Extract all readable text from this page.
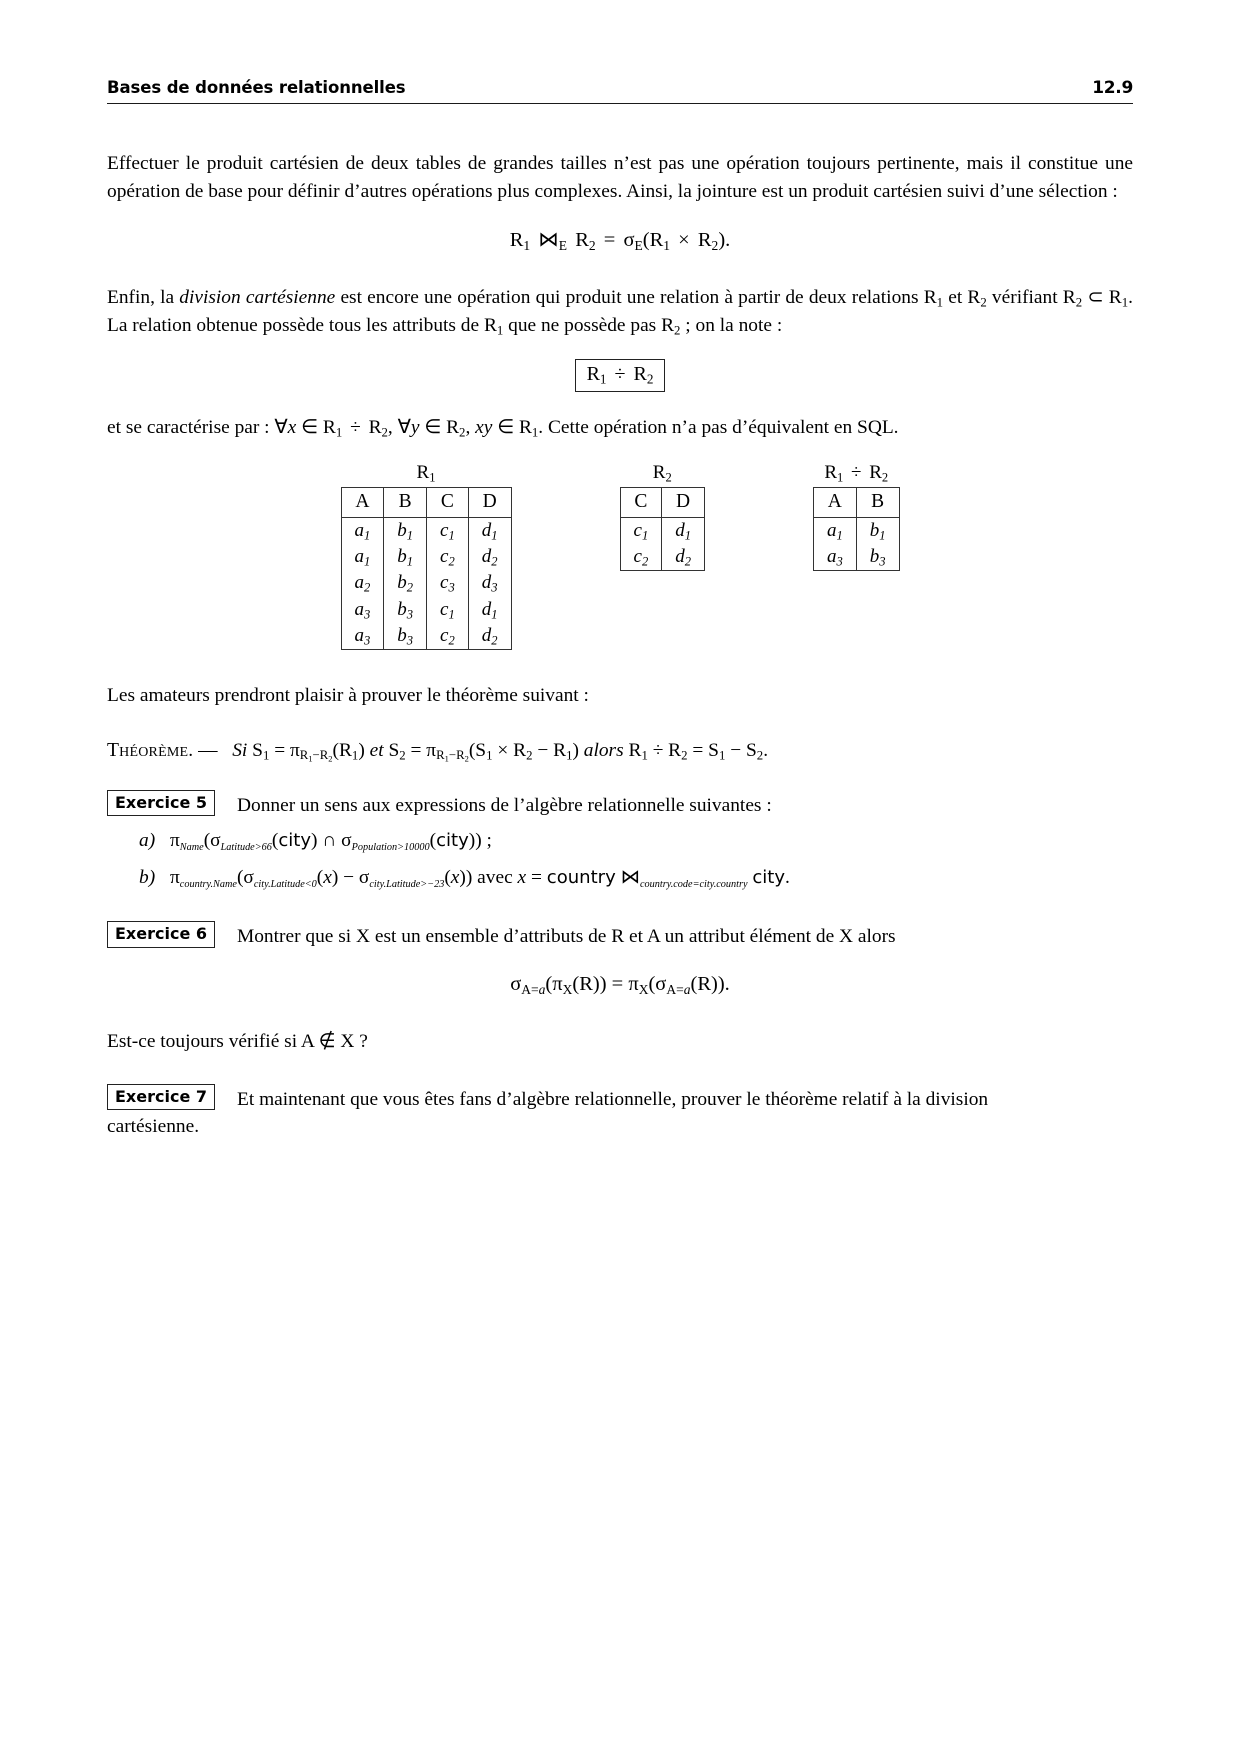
Bases de données relationnelles	12.9

Effectuer le produit cartésien de deux tables de grandes tailles n’est pas une opération toujours pertinente, mais il constitue une opération de base pour définir d’autres opérations plus complexes. Ainsi, la jointure est un produit cartésien suivi d’une sélection :

$R_1$ $⋈_E$ $R_2 = \sigma_E(R_1 \times R_2)$.

Enfin, la division cartésienne est encore une opération qui produit une relation à partir de deux relations $R_1$ et $R_2$ vérifiant $R_2$ ⊂ $R_1$. La relation obtenue possède tous les attributs de $R_1$ que ne possède pas $R_2$ ; on la note :

$R_1 \div R_2$

et se caractérise par : ∀x ∈ $R_1 \div R_2$, ∀y ∈ $R_2$, xy ∈ $R_1$. Cette opération n’a pas d’équivalent en SQL.

$R_1$
A	B	C	D
$a_1$	$b_1$	$c_1$	$d_1$
$a_1$	$b_1$	$c_2$	$d_2$
$a_2$	$b_2$	$c_3$	$d_3$
$a_3$	$b_3$	$c_1$	$d_1$
$a_3$	$b_3$	$c_2$	$d_2$
$R_2$
C	D
$c_1$	$d_1$
$c_2$	$d_2$
$R_1 \div R_2$
A	B
$a_1$	$b_1$
$a_3$	$b_3$

Les amateurs prendront plaisir à prouver le théorème suivant :

Théorème. — Si $S_1 = \pi_{R_1-R_2}(R_1)$ et $S_2 = \pi_{R_1-R_2}(S_1 \times R_2 - R_1)$ alors $R_1 \div R_2 = S_1 - S_2$.
Exercice 5	Donner un sens aux expressions de l’algèbre relationnelle suivantes :
a) $\pi_{Name}(\sigma_{Latitude>66}(city)$ ∩ $\sigma_{Population>10000}(city)$) ;
b) $\pi_{country.Name}(\sigma_{city.Latitude<0}(x) - \sigma_{city.Latitude>-23}(x))$ avec x = country $⋈_{country.code=city.country}$ city.
Exercice 6	Montrer que si X est un ensemble d’attributs de R et A un attribut élément de X alors
$\sigma_{A=a}(\pi_X(R)) = \pi_X(\sigma_{A=a}(R))$.

Est-ce toujours vérifié si A ∉ X ?

Exercice 7	Et maintenant que vous êtes fans d’algèbre relationnelle, prouver le théorème relatif à la division
cartésienne.
